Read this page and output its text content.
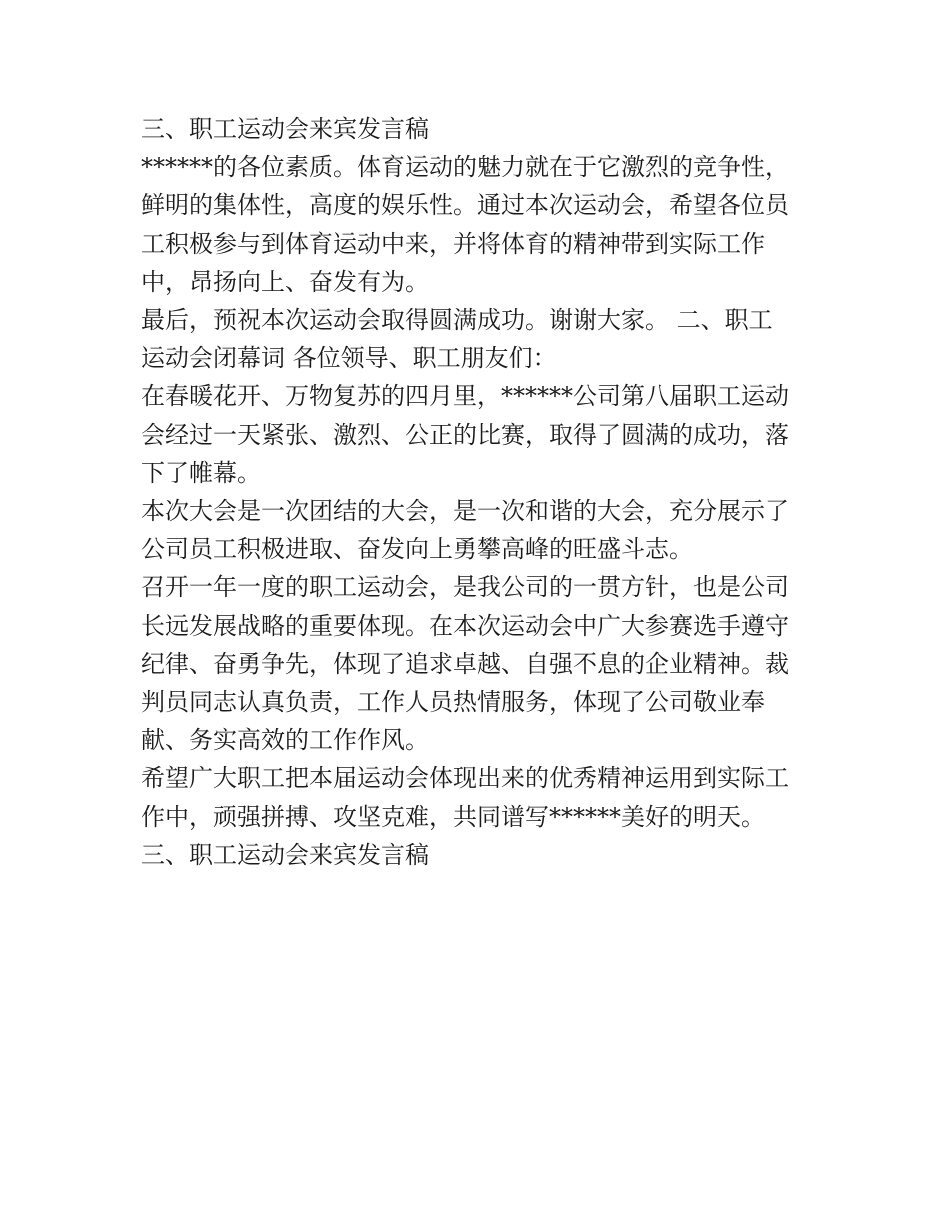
三、职工运动会来宾发言稿

******的各位素质。体育运动的魅力就在于它激烈的竞争性，

鲜明的集体性，高度的娱乐性。通过本次运动会，希望各位员

工积极参与到体育运动中来，并将体育的精神带到实际工作

中，昂扬向上、奋发有为。

最后，预祝本次运动会取得圆满成功。谢谢大家。 二、职工

运动会闭幕词 各位领导、职工朋友们：

在春暖花开、万物复苏的四月里，******公司第八届职工运动

会经过一天紧张、激烈、公正的比赛，取得了圆满的成功，落

下了帷幕。

本次大会是一次团结的大会，是一次和谐的大会，充分展示了

公司员工积极进取、奋发向上勇攀高峰的旺盛斗志。

召开一年一度的职工运动会，是我公司的一贯方针，也是公司

长远发展战略的重要体现。在本次运动会中广大参赛选手遵守

纪律、奋勇争先，体现了追求卓越、自强不息的企业精神。裁

判员同志认真负责，工作人员热情服务，体现了公司敬业奉

献、务实高效的工作作风。

希望广大职工把本届运动会体现出来的优秀精神运用到实际工

作中，顽强拼搏、攻坚克难，共同谱写******美好的明天。

三、职工运动会来宾发言稿
